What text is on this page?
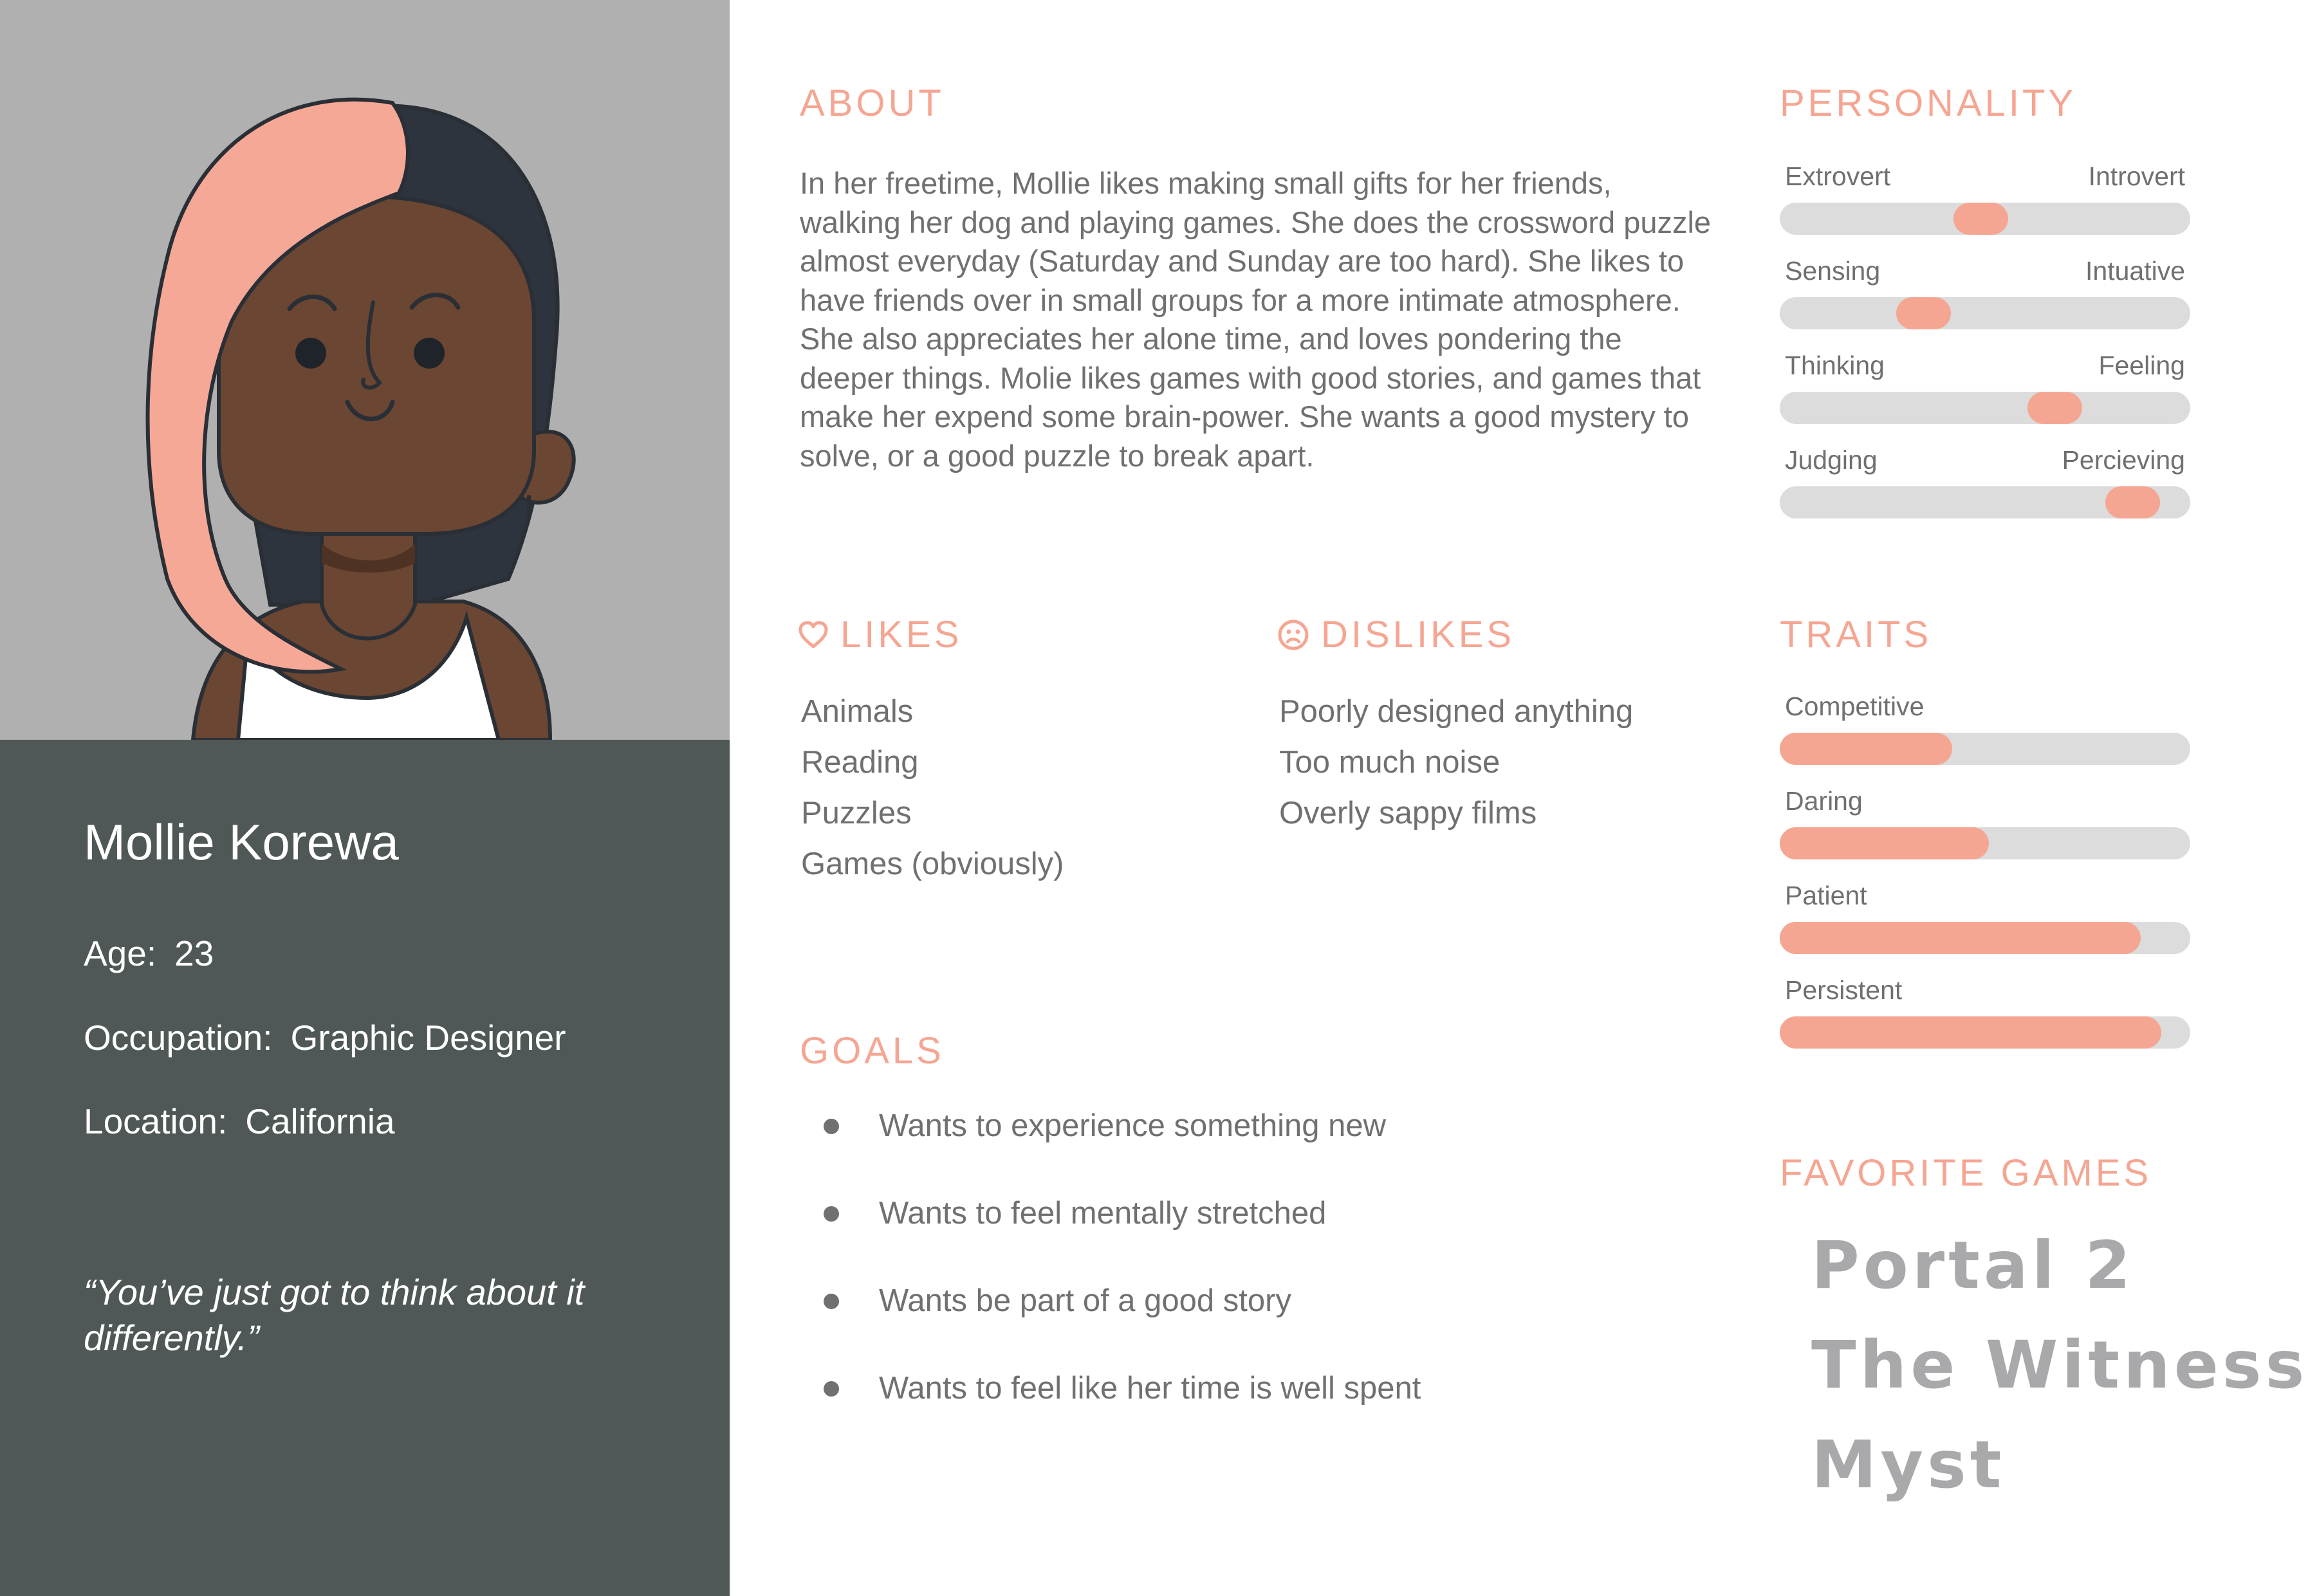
Mollie Korewa
Age: 23
Occupation: Graphic Designer
Location: California
“You’ve just got to think about it differently.”
ABOUT
In her freetime, Mollie likes making small gifts for her friends, walking her dog and playing games. She does the crossword puzzle almost everyday (Saturday and Sunday are too hard). She likes to have friends over in small groups for a more intimate atmosphere. She also appreciates her alone time, and loves pondering the deeper things. Molie likes games with good stories, and games that make her expend some brain-power. She wants a good mystery to solve, or a good puzzle to break apart.
LIKES
Animals
Reading
Puzzles
Games (obviously)
DISLIKES
Poorly designed anything
Too much noise
Overly sappy films
GOALS
Wants to experience something new
Wants to feel mentally stretched
Wants be part of a good story
Wants to feel like her time is well spent
PERSONALITY
Extrovert	Introvert
Sensing	Intuative
Thinking	Feeling
Judging	Percieving
TRAITS
Competitive
Daring
Patient
Persistent
FAVORITE GAMES
Portal 2
The Witness
Myst
